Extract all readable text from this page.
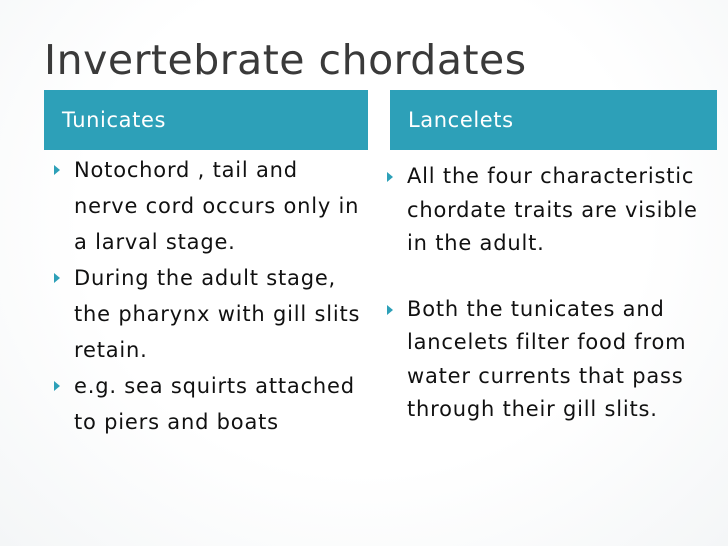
Invertebrate chordates
Tunicates	Lancelets
Notochord , tail and nerve cord occurs only in a larval stage.
During the adult stage, the pharynx with gill slits retain.
e.g. sea squirts attached to piers and boats
All the four characteristic chordate traits are visible in the adult.
Both the tunicates and lancelets filter food from water currents that pass through their gill slits.
